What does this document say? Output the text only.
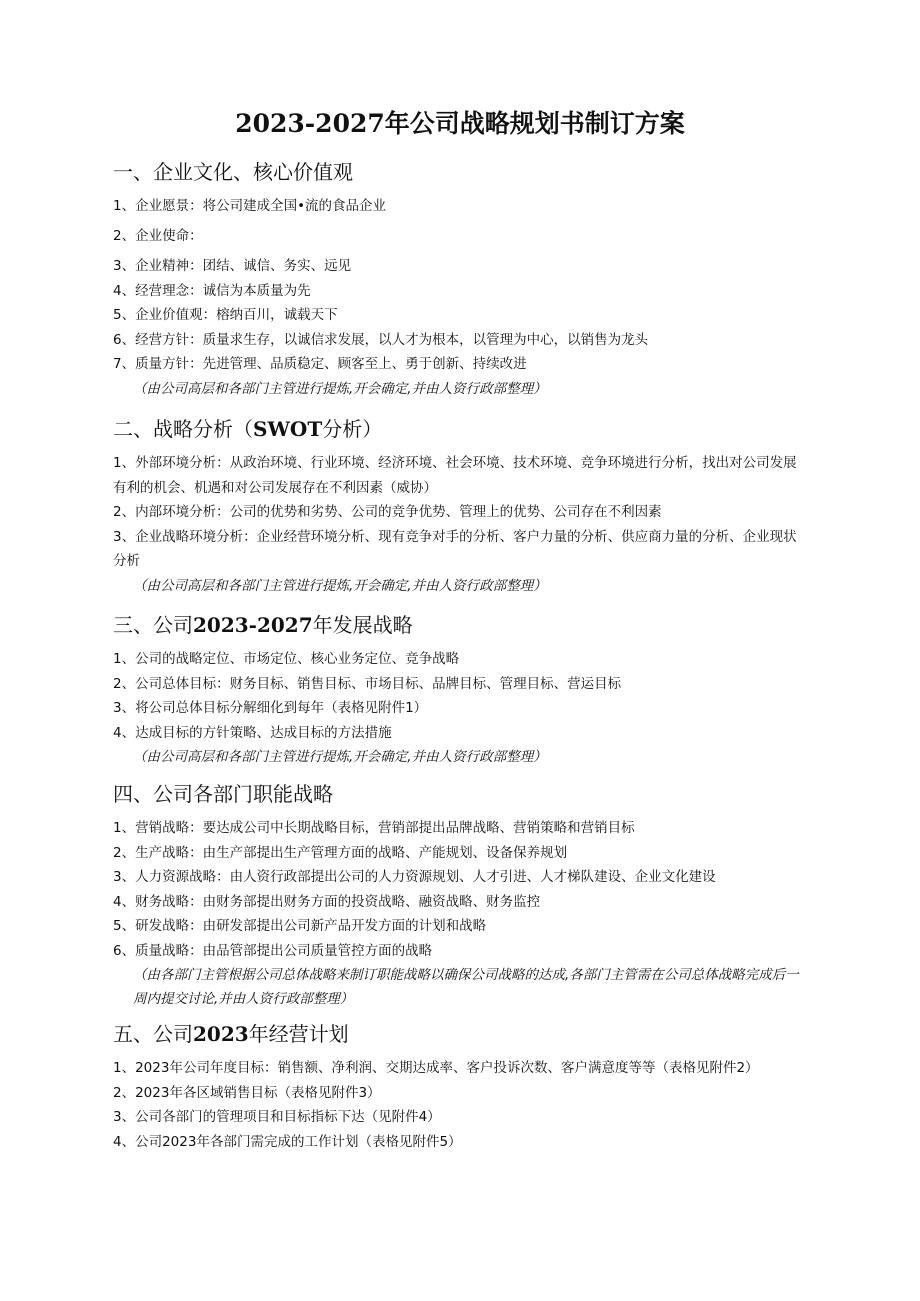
2023-2027年公司战略规划书制订方案
一、企业文化、核心价值观
1、企业愿景：将公司建成全国•流的食品企业
2、企业使命：
3、企业精神：团结、诚信、务实、远见
4、经营理念：诚信为本质量为先
5、企业价值观：榕纳百川，诚载天下
6、经营方针：质量求生存，以诚信求发展，以人才为根本，以管理为中心，以销售为龙头
7、质量方针：先进管理、品质稳定、顾客至上、勇于创新、持续改进
（由公司高层和各部门主管进行提炼,开会确定,并由人资行政部整理）
二、战略分析（SWOT分析）
1、外部环境分析：从政治环境、行业环境、经济环境、社会环境、技术环境、竞争环境进行分析，找出对公司发展有利的机会、机遇和对公司发展存在不利因素（威协）
2、内部环境分析：公司的优势和劣势、公司的竞争优势、管理上的优势、公司存在不利因素
3、企业战略环境分析：企业经营环境分析、现有竞争对手的分析、客户力量的分析、供应商力量的分析、企业现状分析
（由公司高层和各部门主管进行提炼,开会确定,并由人资行政部整理）
三、公司2023-2027年发展战略
1、公司的战略定位、市场定位、核心业务定位、竞争战略
2、公司总体目标：财务目标、销售目标、市场目标、品牌目标、管理目标、营运目标
3、将公司总体目标分解细化到每年（表格见附件1）
4、达成目标的方针策略、达成目标的方法措施
（由公司高层和各部门主管进行提炼,开会确定,并由人资行政部整理）
四、公司各部门职能战略
1、营销战略：要达成公司中长期战略目标，营销部提出品牌战略、营销策略和营销目标
2、生产战略：由生产部提出生产管理方面的战略、产能规划、设备保养规划
3、人力资源战略：由人资行政部提出公司的人力资源规划、人才引进、人才梯队建设、企业文化建设
4、财务战略：由财务部提出财务方面的投资战略、融资战略、财务监控
5、研发战略：由研发部提出公司新产品开发方面的计划和战略
6、质量战略：由品管部提出公司质量管控方面的战略
（由各部门主管根据公司总体战略来制订职能战略以确保公司战略的达成,各部门主管需在公司总体战略完成后一周内提交讨论,并由人资行政部整理）
五、公司2023年经营计划
1、2023年公司年度目标：销售额、净利润、交期达成率、客户投诉次数、客户满意度等等（表格见附件2）
2、2023年各区域销售目标（表格见附件3）
3、公司各部门的管理项目和目标指标下达（见附件4）
4、公司2023年各部门需完成的工作计划（表格见附件5）
